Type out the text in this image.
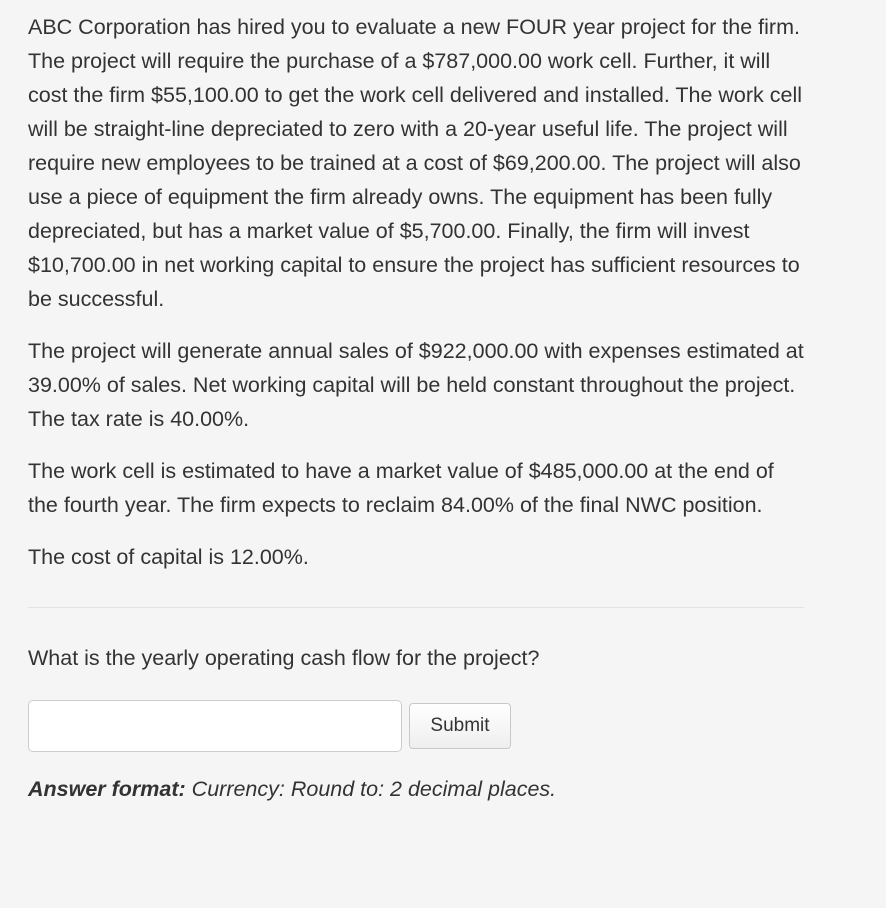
ABC Corporation has hired you to evaluate a new FOUR year project for the firm. The project will require the purchase of a $787,000.00 work cell. Further, it will cost the firm $55,100.00 to get the work cell delivered and installed. The work cell will be straight-line depreciated to zero with a 20-year useful life. The project will require new employees to be trained at a cost of $69,200.00. The project will also use a piece of equipment the firm already owns. The equipment has been fully depreciated, but has a market value of $5,700.00. Finally, the firm will invest $10,700.00 in net working capital to ensure the project has sufficient resources to be successful.

The project will generate annual sales of $922,000.00 with expenses estimated at 39.00% of sales. Net working capital will be held constant throughout the project. The tax rate is 40.00%.

The work cell is estimated to have a market value of $485,000.00 at the end of the fourth year. The firm expects to reclaim 84.00% of the final NWC position.

The cost of capital is 12.00%.

What is the yearly operating cash flow for the project?

Submit
Answer format: Currency: Round to: 2 decimal places.
